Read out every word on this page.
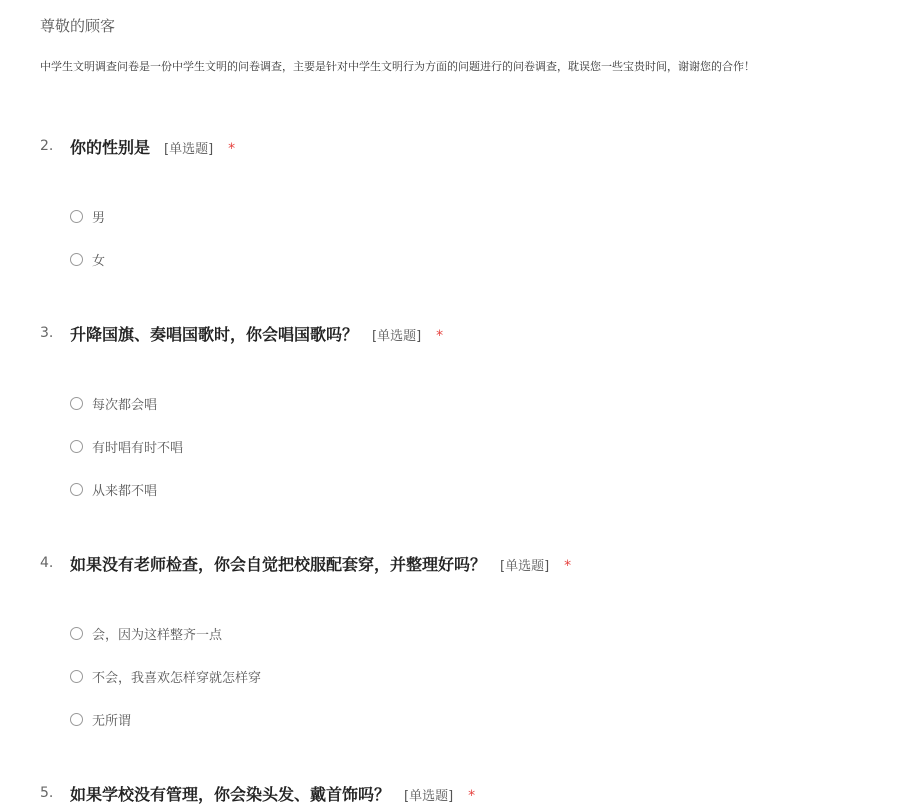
尊敬的顾客
中学生文明调查问卷是一份中学生文明的问卷调查，主要是针对中学生文明行为方面的问题进行的问卷调查，耽误您一些宝贵时间，谢谢您的合作！
2. 你的性别是 [单选题] *
男
女
3. 升降国旗、奏唱国歌时，你会唱国歌吗？ [单选题] *
每次都会唱
有时唱有时不唱
从来都不唱
4. 如果没有老师检查，你会自觉把校服配套穿，并整理好吗？ [单选题] *
会，因为这样整齐一点
不会，我喜欢怎样穿就怎样穿
无所谓
5. 如果学校没有管理，你会染头发、戴首饰吗？ [单选题] *
